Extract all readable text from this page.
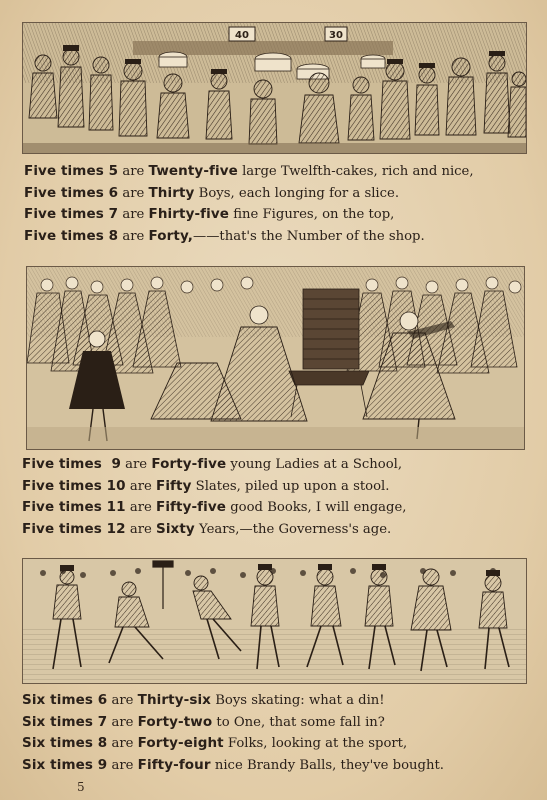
40	30
Five times 5 are Twenty-five large Twelfth-cakes, rich and nice,
Five times 6 are Thirty Boys, each longing for a slice.
Five times 7 are Fhirty-five fine Figures, on the top,
Five times 8 are Forty,——that's the Number of the shop.
Five times  9 are Forty-five young Ladies at a School,
Five times 10 are Fifty Slates, piled up upon a stool.
Five times 11 are Fifty-five good Books, I will engage,
Five times 12 are Sixty Years,—the Governess's age.
Six times 6 are Thirty-six Boys skating: what a din!
Six times 7 are Forty-two to One, that some fall in?
Six times 8 are Forty-eight Folks, looking at the sport,
Six times 9 are Fifty-four nice Brandy Balls, they've bought.
5
